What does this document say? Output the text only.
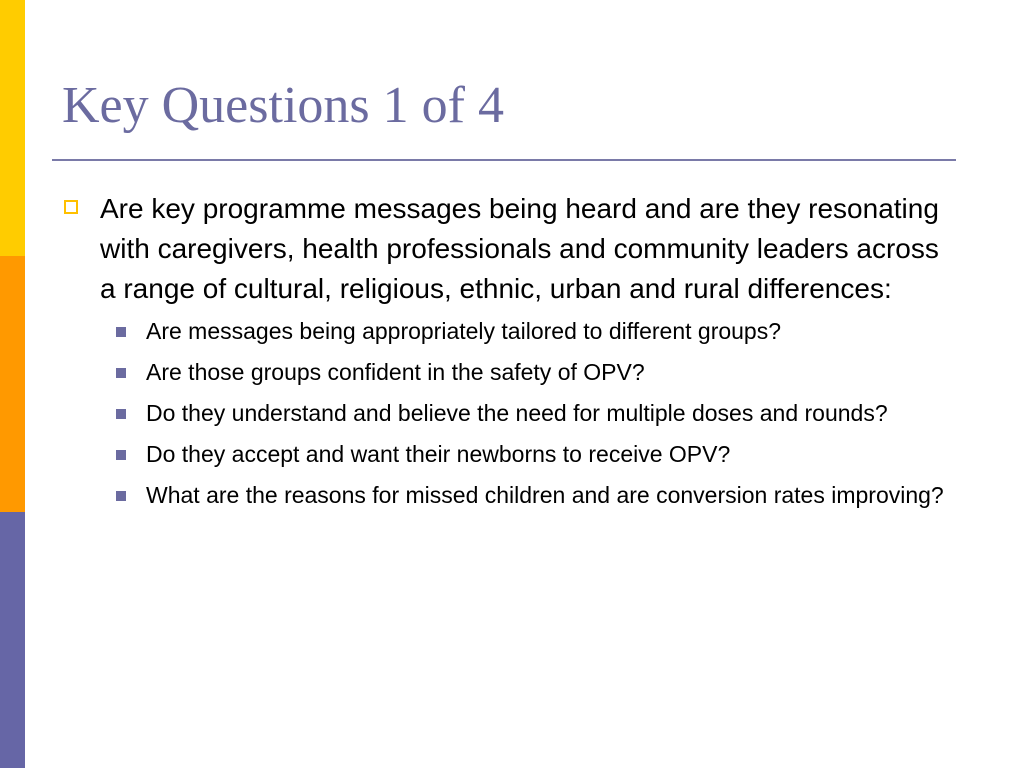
Key Questions 1 of 4
Are key programme messages being heard and are they resonating with caregivers, health professionals and community leaders across a range of cultural, religious, ethnic, urban and rural differences:
Are messages being appropriately tailored to different groups?
Are those groups confident in the safety of OPV?
Do they understand and believe the need for multiple doses and rounds?
Do they accept and want their newborns to receive OPV?
What are the reasons for missed children and are conversion rates improving?
